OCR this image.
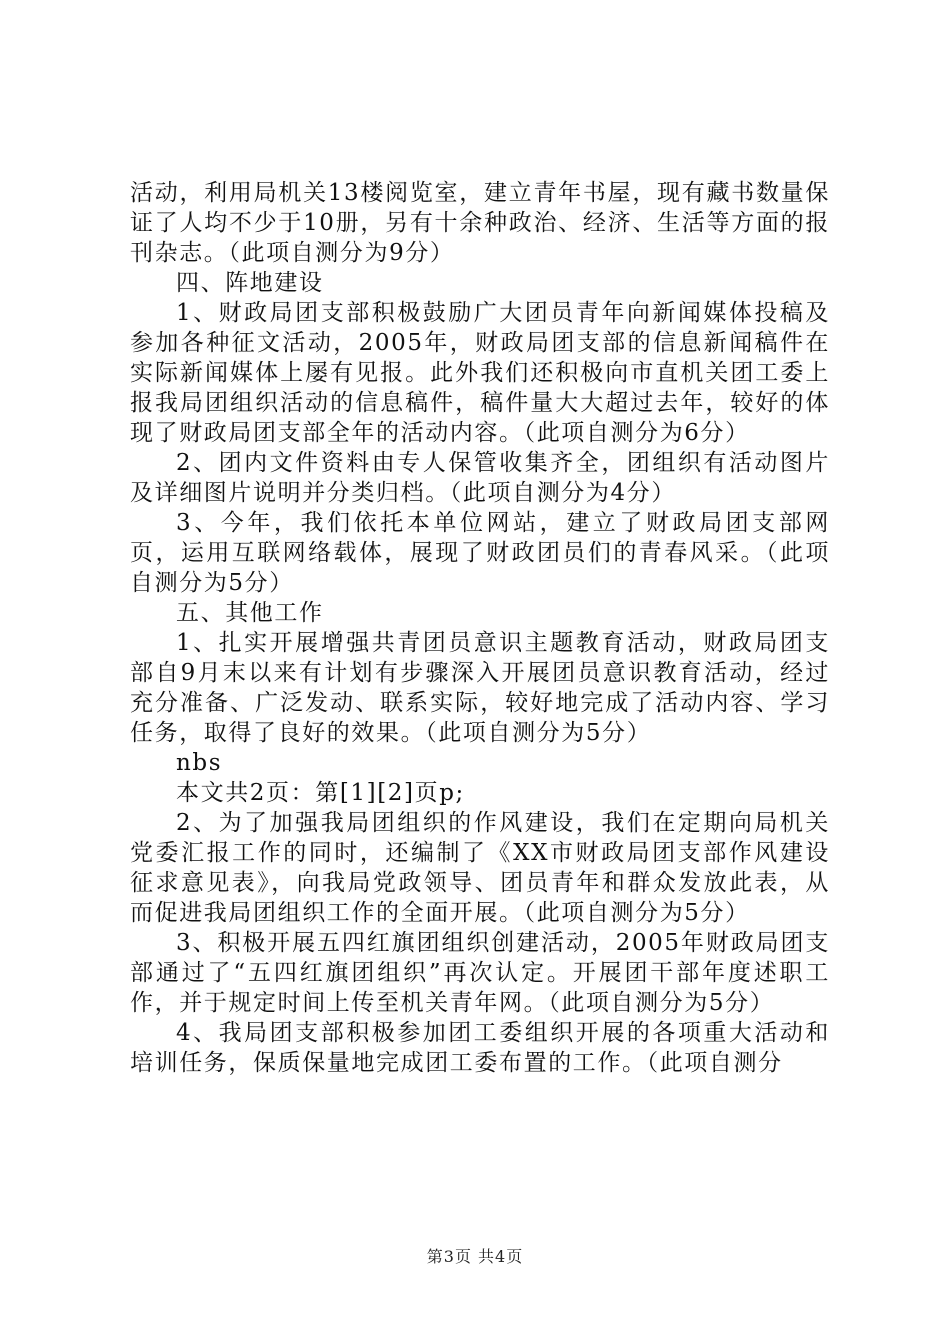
活动，利用局机关13楼阅览室，建立青年书屋，现有藏书数量保证了人均不少于10册，另有十余种政治、经济、生活等方面的报刊杂志。（此项自测分为9分）

四、阵地建设

1、财政局团支部积极鼓励广大团员青年向新闻媒体投稿及参加各种征文活动，2005年，财政局团支部的信息新闻稿件在实际新闻媒体上屡有见报。此外我们还积极向市直机关团工委上报我局团组织活动的信息稿件，稿件量大大超过去年，较好的体现了财政局团支部全年的活动内容。（此项自测分为6分）

2、团内文件资料由专人保管收集齐全，团组织有活动图片及详细图片说明并分类归档。（此项自测分为4分）

3、今年，我们依托本单位网站，建立了财政局团支部网页，运用互联网络载体，展现了财政团员们的青春风采。（此项自测分为5分）

五、其他工作

1、扎实开展增强共青团员意识主题教育活动，财政局团支部自9月末以来有计划有步骤深入开展团员意识教育活动，经过充分准备、广泛发动、联系实际，较好地完成了活动内容、学习任务，取得了良好的效果。（此项自测分为5分）

nbs

本文共2页：第[1][2]页p;

2、为了加强我局团组织的作风建设，我们在定期向局机关党委汇报工作的同时，还编制了《XX市财政局团支部作风建设征求意见表》，向我局党政领导、团员青年和群众发放此表，从而促进我局团组织工作的全面开展。（此项自测分为5分）

3、积极开展五四红旗团组织创建活动，2005年财政局团支部通过了“五四红旗团组织”再次认定。开展团干部年度述职工作，并于规定时间上传至机关青年网。（此项自测分为5分）

4、我局团支部积极参加团工委组织开展的各项重大活动和培训任务，保质保量地完成团工委布置的工作。（此项自测分

第3页 共4页
